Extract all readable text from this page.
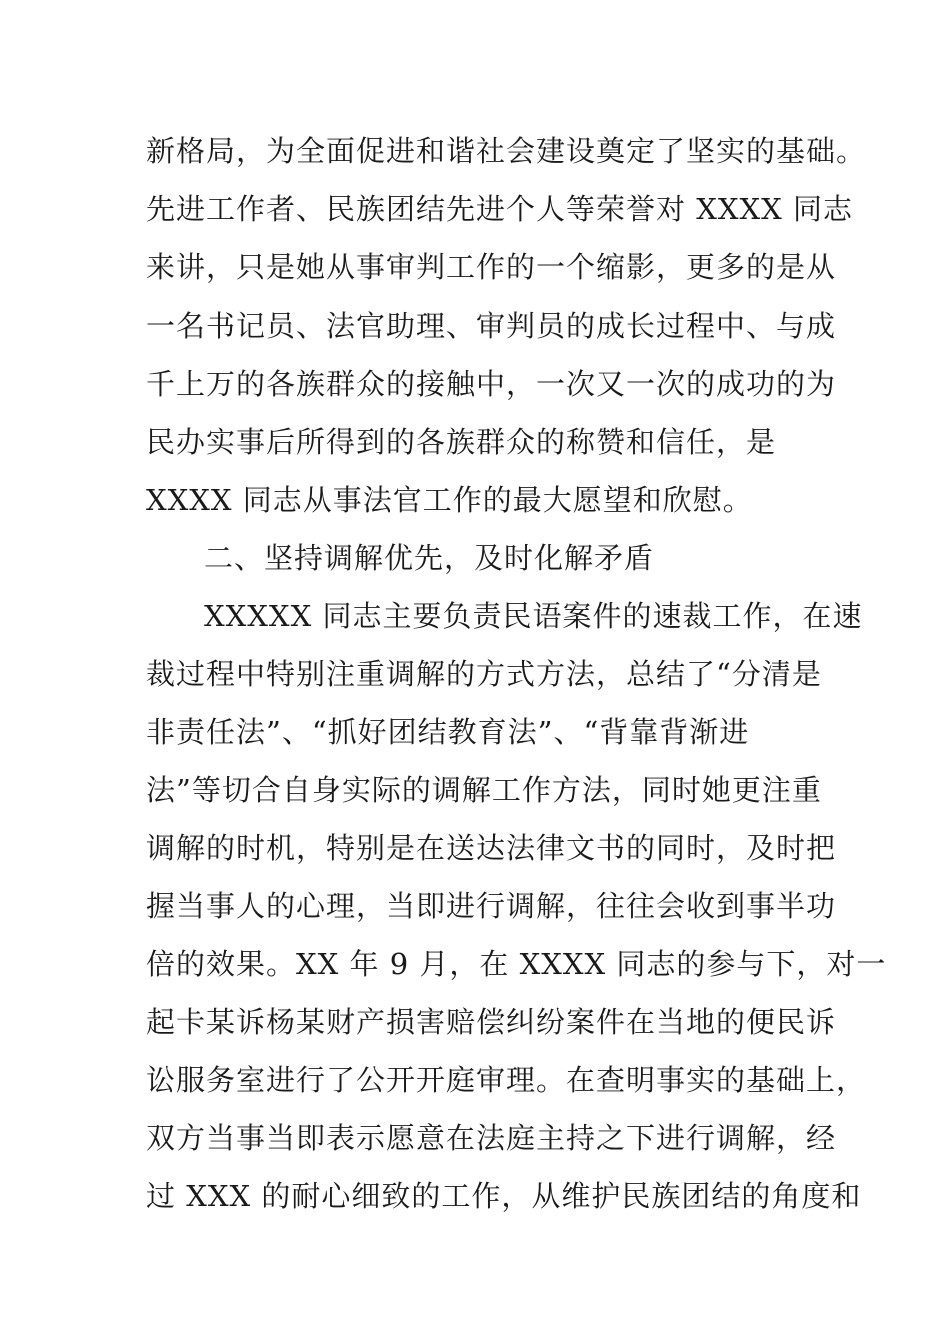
新格局，为全面促进和谐社会建设奠定了坚实的基础。
先进工作者、民族团结先进个人等荣誉对 XXXX 同志
来讲，只是她从事审判工作的一个缩影，更多的是从
一名书记员、法官助理、审判员的成长过程中、与成
千上万的各族群众的接触中，一次又一次的成功的为
民办实事后所得到的各族群众的称赞和信任，是
XXXX 同志从事法官工作的最大愿望和欣慰。
二、坚持调解优先，及时化解矛盾
XXXXX 同志主要负责民语案件的速裁工作，在速
裁过程中特别注重调解的方式方法，总结了“分清是
非责任法”、“抓好团结教育法”、“背靠背渐进
法”等切合自身实际的调解工作方法，同时她更注重
调解的时机，特别是在送达法律文书的同时，及时把
握当事人的心理，当即进行调解，往往会收到事半功
倍的效果。XX 年 9 月，在 XXXX 同志的参与下，对一
起卡某诉杨某财产损害赔偿纠纷案件在当地的便民诉
讼服务室进行了公开开庭审理。在查明事实的基础上，
双方当事当即表示愿意在法庭主持之下进行调解，经
过 XXX 的耐心细致的工作，从维护民族团结的角度和
